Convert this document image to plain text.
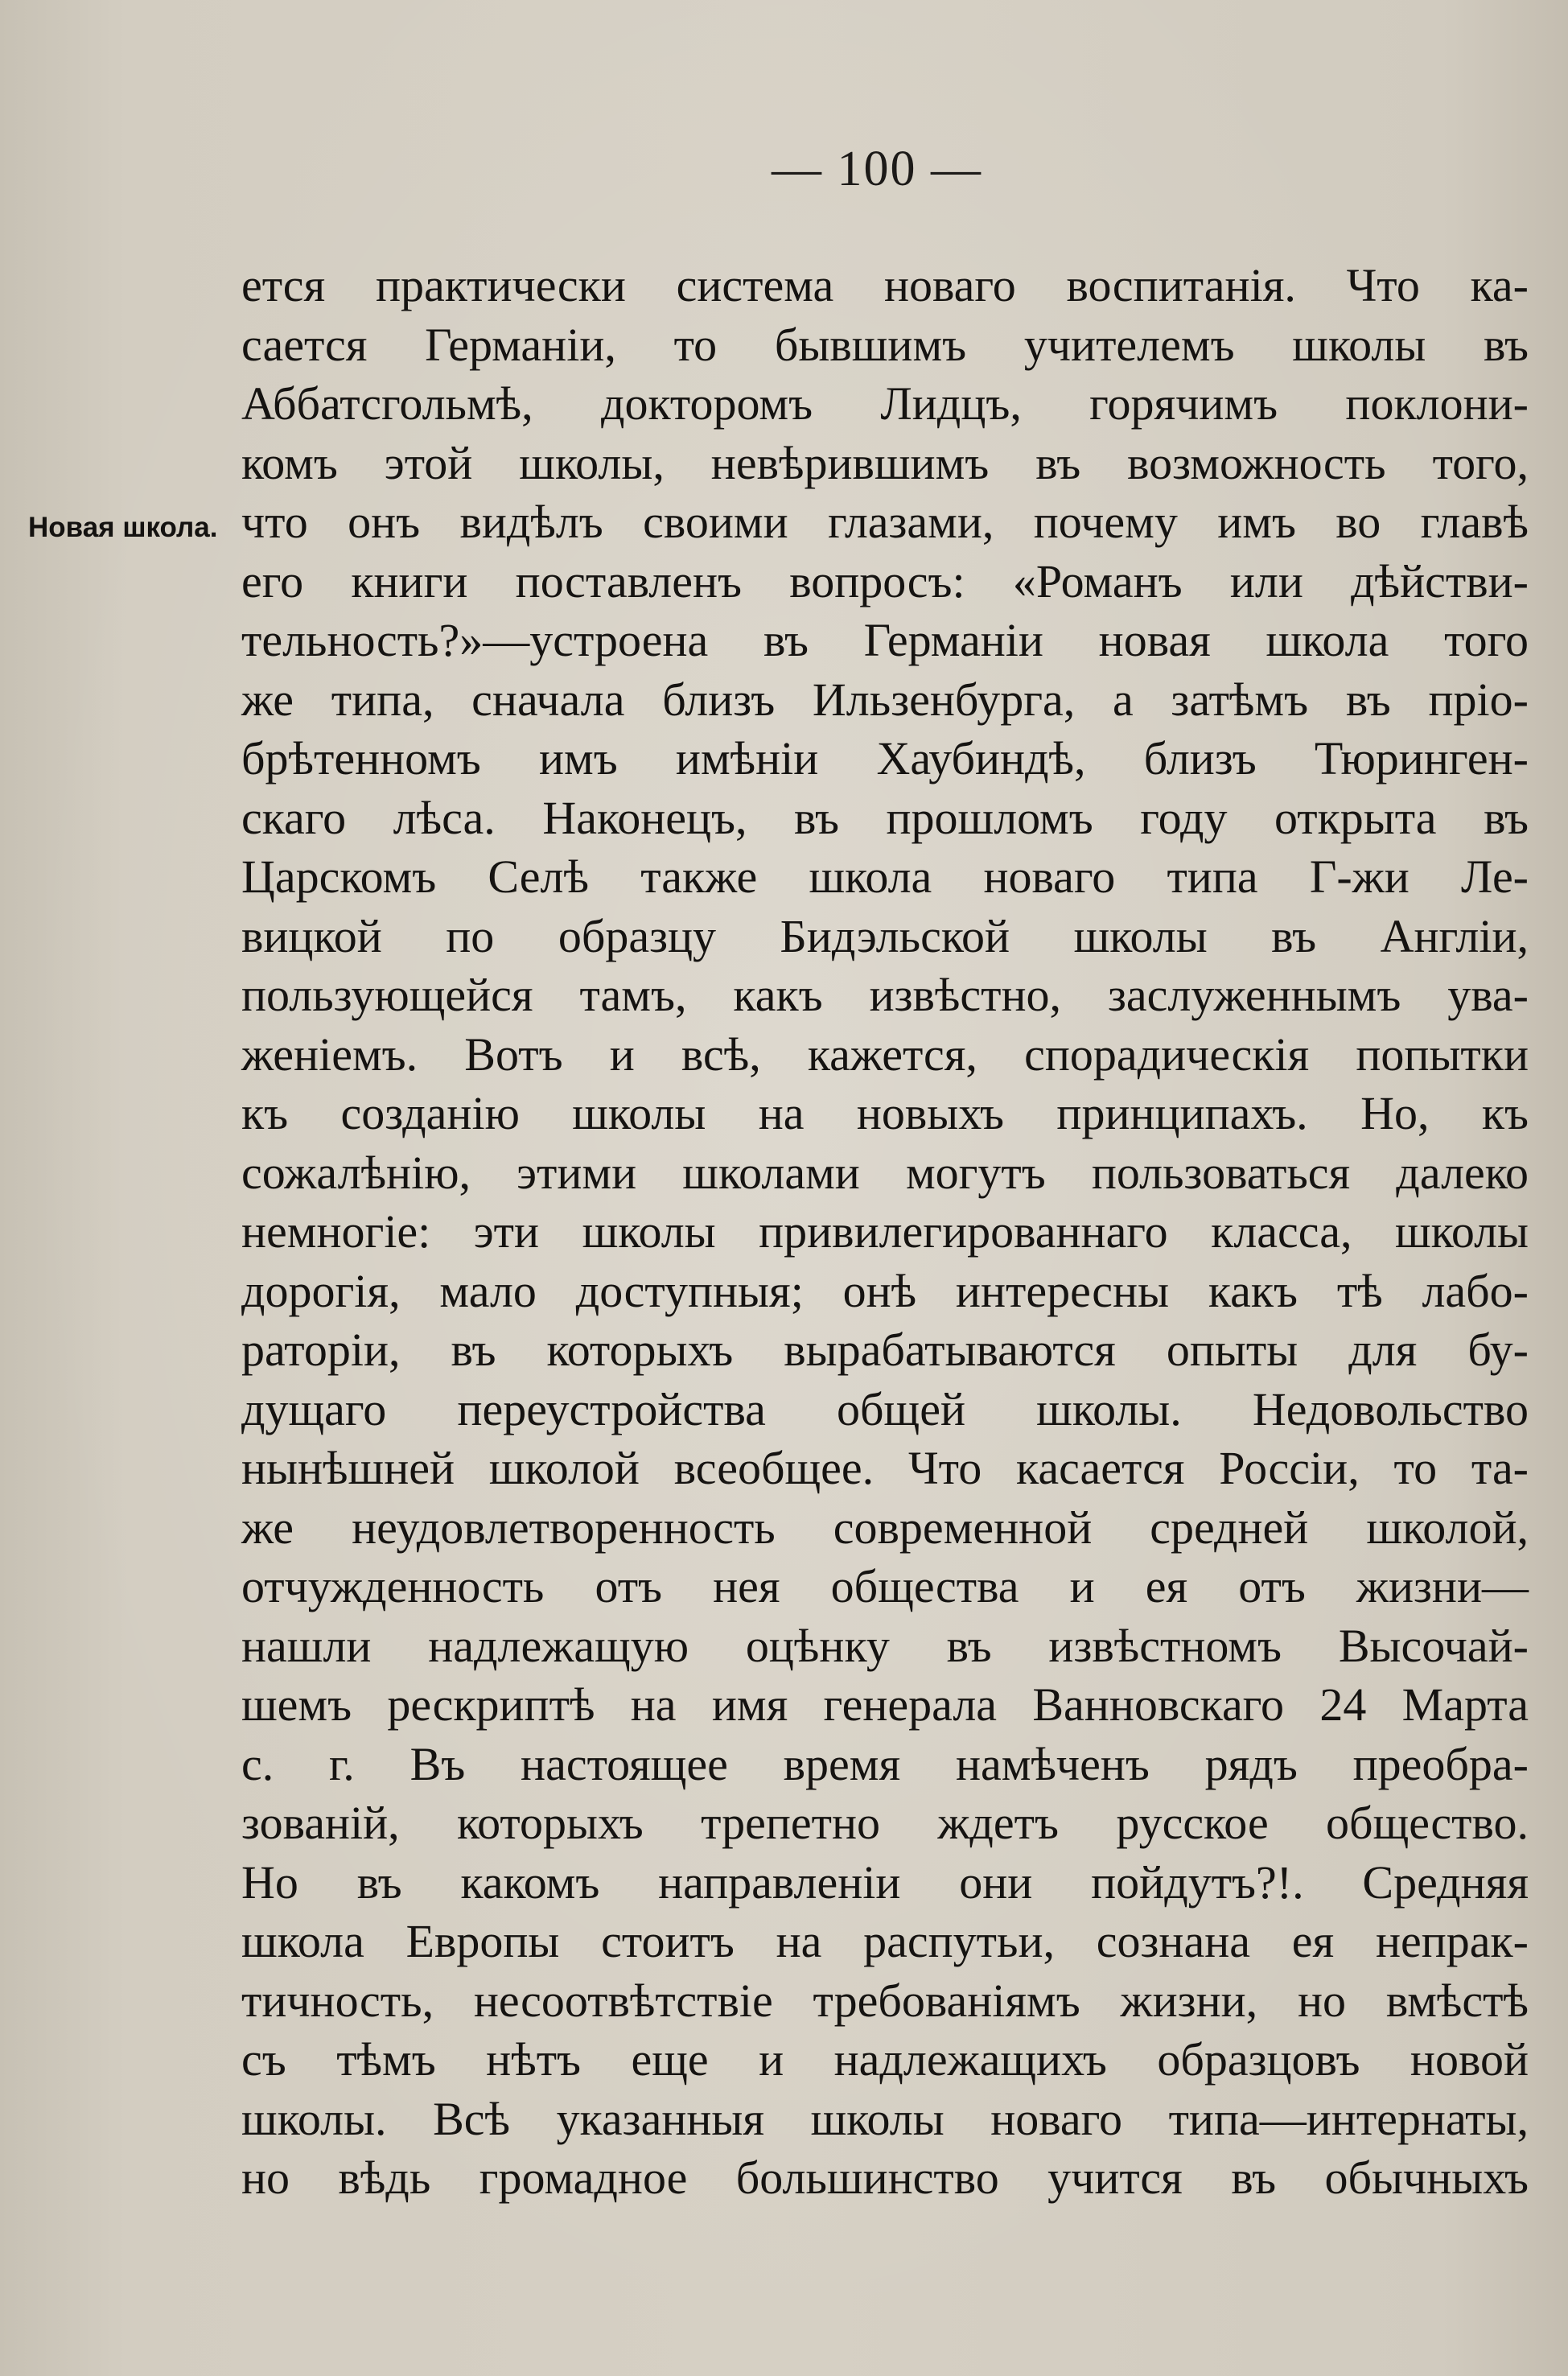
— 100 —
Новая школа.
ется практически система новаго воспитанія. Что ка-
сается Германіи, то бывшимъ учителемъ школы въ
Аббатсгольмѣ, докторомъ Лидцъ, горячимъ поклони-
комъ этой школы, невѣрившимъ въ возможность того,
что онъ видѣлъ своими глазами, почему имъ во главѣ
его книги поставленъ вопросъ: «Романъ или дѣйстви-
тельность?»—устроена въ Германіи новая школа того
же типа, сначала близъ Ильзенбурга, а затѣмъ въ пріо-
брѣтенномъ имъ имѣніи Хаубиндѣ, близъ Тюринген-
скаго лѣса. Наконецъ, въ прошломъ году открыта въ
Царскомъ Селѣ также школа новаго типа Г-жи Ле-
вицкой по образцу Бидэльской школы въ Англіи,
пользующейся тамъ, какъ извѣстно, заслуженнымъ ува-
женіемъ. Вотъ и всѣ, кажется, спорадическія попытки
къ созданію школы на новыхъ принципахъ. Но, къ
сожалѣнію, этими школами могутъ пользоваться далеко
немногіе: эти школы привилегированнаго класса, школы
дорогія, мало доступныя; онѣ интересны какъ тѣ лабо-
раторіи, въ которыхъ вырабатываются опыты для бу-
дущаго переустройства общей школы. Недовольство
нынѣшней школой всеобщее. Что касается Россіи, то та-
же неудовлетворенность современной средней школой,
отчужденность отъ нея общества и ея отъ жизни—
нашли надлежащую оцѣнку въ извѣстномъ Высочай-
шемъ рескриптѣ на имя генерала Ванновскаго 24 Марта
с. г. Въ настоящее время намѣченъ рядъ преобра-
зованій, которыхъ трепетно ждетъ русское общество.
Но въ какомъ направленіи они пойдутъ?!. Средняя
школа Европы стоитъ на распутьи, сознана ея непрак-
тичность, несоотвѣтствіе требованіямъ жизни, но вмѣстѣ
съ тѣмъ нѣтъ еще и надлежащихъ образцовъ новой
школы. Всѣ указанныя школы новаго типа—интернаты,
но вѣдь громадное большинство учится въ обычныхъ
